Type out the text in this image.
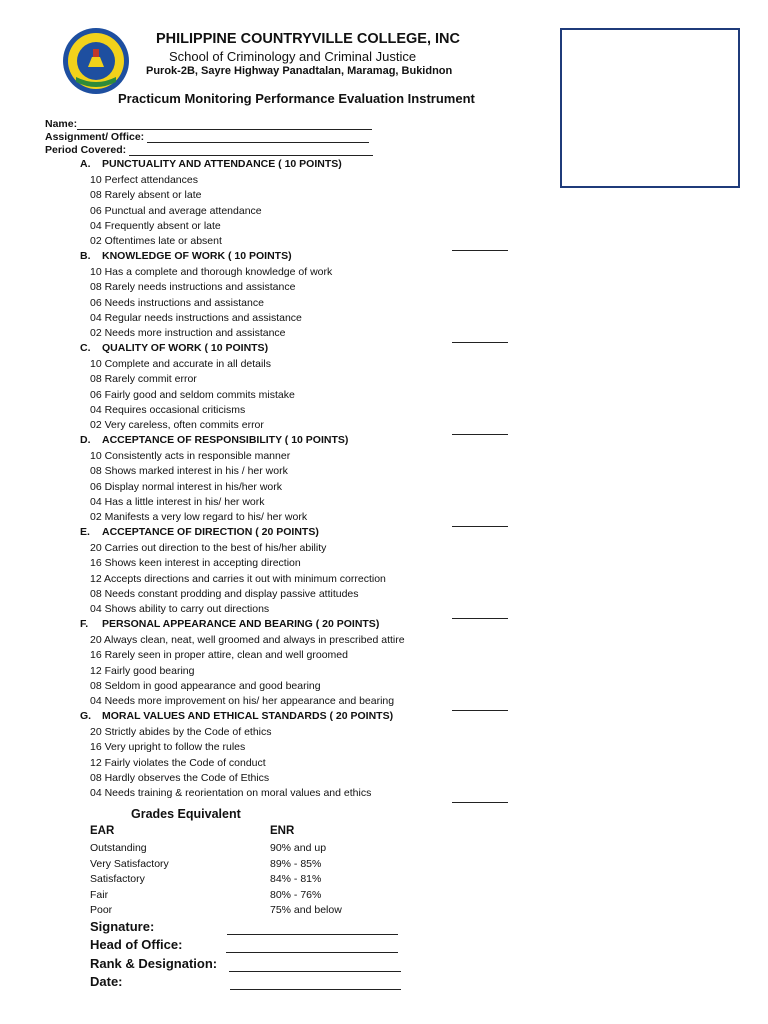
PHILIPPINE COUNTRYVILLE COLLEGE, INC
School of Criminology and Criminal Justice
Purok-2B, Sayre Highway Panadtalan, Maramag, Bukidnon
Practicum Monitoring Performance Evaluation Instrument
Name:
Assignment/ Office:
Period Covered:
A. PUNCTUALITY AND ATTENDANCE ( 10 POINTS)
10 Perfect attendances
08 Rarely absent or late
06 Punctual and average attendance
04 Frequently absent or late
02 Oftentimes late or absent
B. KNOWLEDGE OF WORK ( 10 POINTS)
10 Has a complete and thorough knowledge of work
08 Rarely needs instructions and assistance
06 Needs instructions and assistance
04 Regular needs instructions and assistance
02 Needs more instruction and assistance
C. QUALITY OF WORK ( 10 POINTS)
10 Complete and accurate in all details
08 Rarely commit error
06 Fairly good and seldom commits mistake
04 Requires occasional criticisms
02 Very careless, often commits error
D. ACCEPTANCE OF RESPONSIBILITY ( 10 POINTS)
10 Consistently acts in responsible manner
08 Shows marked interest in his / her work
06 Display normal interest in his/her work
04 Has a little interest in his/ her work
02 Manifests a very low regard to his/ her work
E. ACCEPTANCE OF DIRECTION ( 20 POINTS)
20 Carries out direction to the best of his/her ability
16 Shows keen interest in accepting direction
12 Accepts directions and carries it out with minimum correction
08 Needs constant prodding and display passive attitudes
04 Shows ability to carry out directions
F. PERSONAL APPEARANCE AND BEARING ( 20 POINTS)
20 Always clean, neat, well groomed and always in prescribed attire
16 Rarely seen in proper attire, clean and well groomed
12 Fairly good bearing
08 Seldom in good appearance and good bearing
04 Needs more improvement on his/ her appearance and bearing
G. MORAL VALUES AND ETHICAL STANDARDS ( 20 POINTS)
20 Strictly abides by the Code of ethics
16 Very upright to follow the rules
12 Fairly violates the Code of conduct
08 Hardly observes the Code of Ethics
04 Needs training & reorientation on moral values and ethics
Grades Equivalent
EAR	ENR
Outstanding	90% and up
Very Satisfactory	89% - 85%
Satisfactory	84% - 81%
Fair	80% - 76%
Poor	75% and below
Signature:
Head of Office:
Rank & Designation:
Date:
